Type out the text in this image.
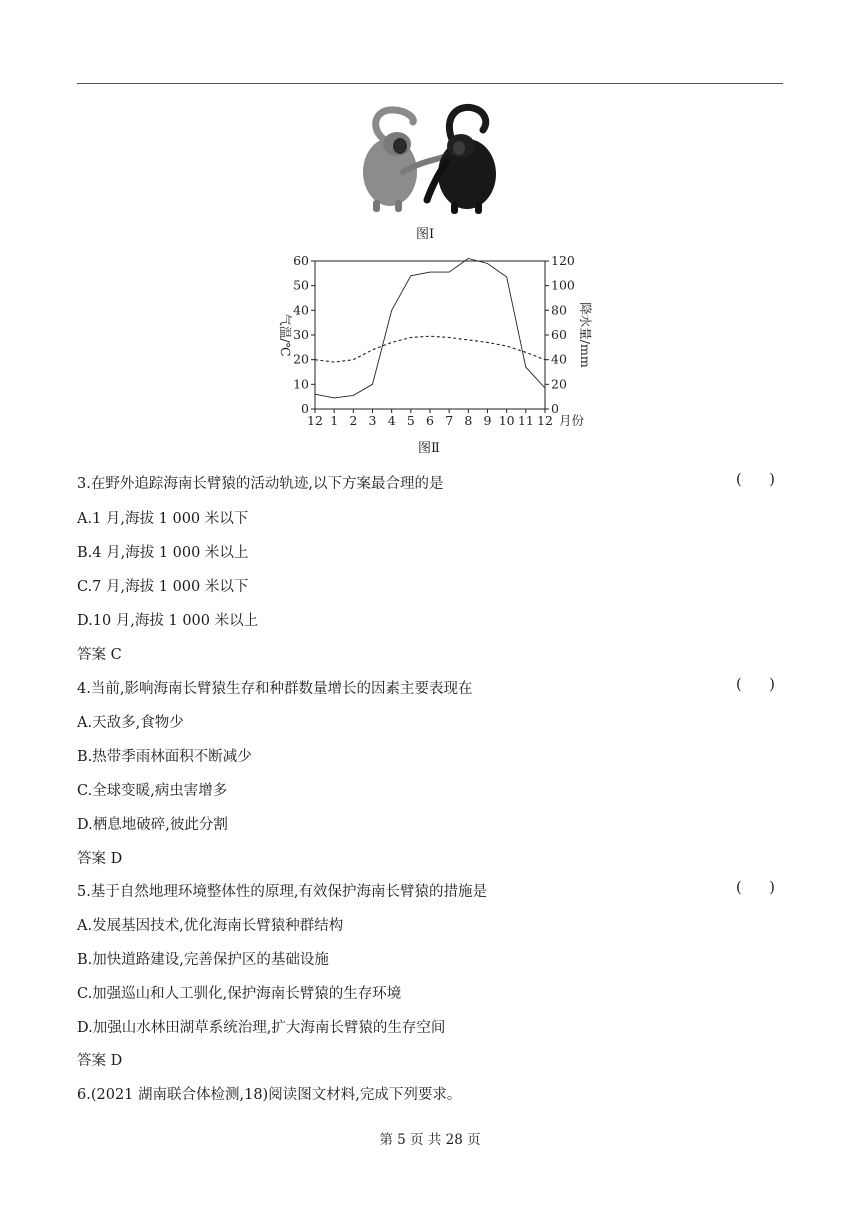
图Ⅰ
12 1 2 3 4 5 6 7 8 9 10 11 12
0
10
20
30
40
50
60
0
20
40
60
80
100
120
气温/℃	降水量/mm
月份
图Ⅱ
3.在野外追踪海南长臂猿的活动轨迹,以下方案最合理的是	(      )
A.1 月,海拔 1 000 米以下
B.4 月,海拔 1 000 米以上
C.7 月,海拔 1 000 米以下
D.10 月,海拔 1 000 米以上
答案 C
4.当前,影响海南长臂猿生存和种群数量增长的因素主要表现在	(      )
A.天敌多,食物少
B.热带季雨林面积不断减少
C.全球变暖,病虫害增多
D.栖息地破碎,彼此分割
答案 D
5.基于自然地理环境整体性的原理,有效保护海南长臂猿的措施是	(      )
A.发展基因技术,优化海南长臂猿种群结构
B.加快道路建设,完善保护区的基础设施
C.加强巡山和人工驯化,保护海南长臂猿的生存环境
D.加强山水林田湖草系统治理,扩大海南长臂猿的生存空间
答案 D
6.(2021 湖南联合体检测,18)阅读图文材料,完成下列要求。
第 5 页 共 28 页
